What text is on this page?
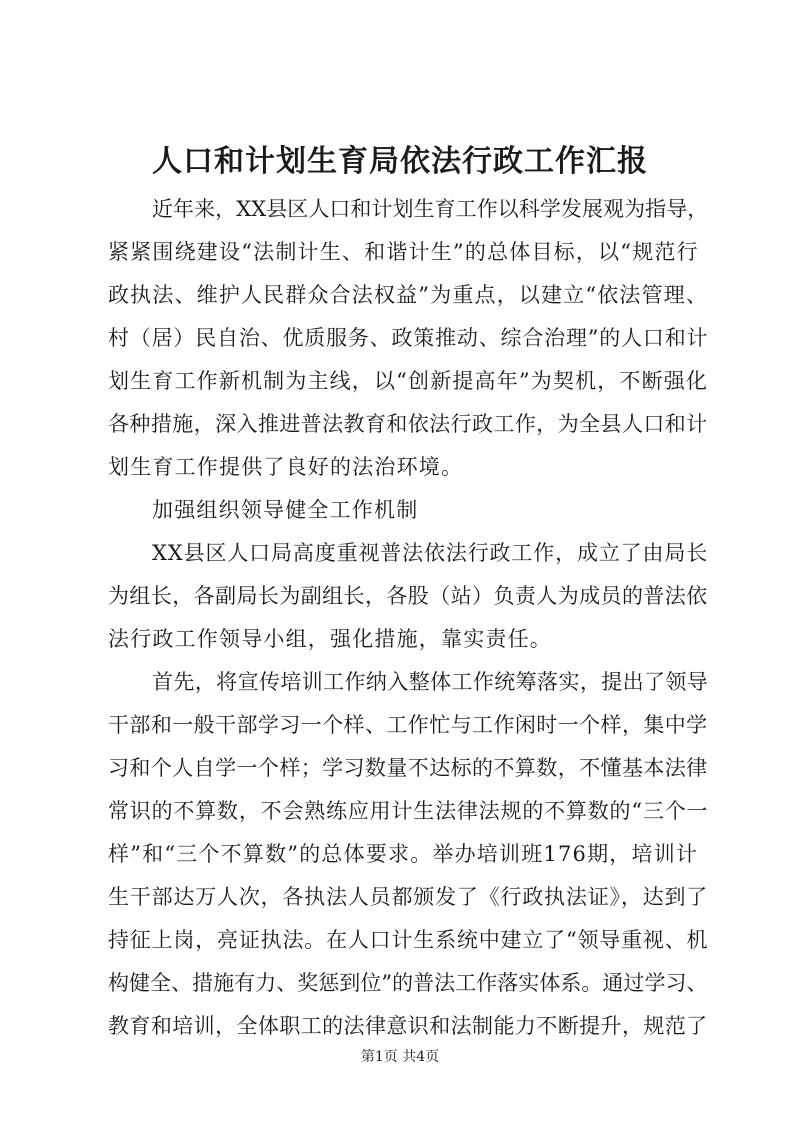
人口和计划生育局依法行政工作汇报
近年来，XX县区人口和计划生育工作以科学发展观为指导，
紧紧围绕建设“法制计生、和谐计生”的总体目标，以“规范行
政执法、维护人民群众合法权益”为重点，以建立“依法管理、
村（居）民自治、优质服务、政策推动、综合治理”的人口和计
划生育工作新机制为主线，以“创新提高年”为契机，不断强化
各种措施，深入推进普法教育和依法行政工作，为全县人口和计
划生育工作提供了良好的法治环境。
加强组织领导健全工作机制
XX县区人口局高度重视普法依法行政工作，成立了由局长
为组长，各副局长为副组长，各股（站）负责人为成员的普法依
法行政工作领导小组，强化措施，靠实责任。
首先，将宣传培训工作纳入整体工作统筹落实，提出了领导
干部和一般干部学习一个样、工作忙与工作闲时一个样，集中学
习和个人自学一个样；学习数量不达标的不算数，不懂基本法律
常识的不算数，不会熟练应用计生法律法规的不算数的“三个一
样”和“三个不算数”的总体要求。举办培训班176期，培训计
生干部达万人次，各执法人员都颁发了《行政执法证》，达到了
持征上岗，亮证执法。在人口计生系统中建立了“领导重视、机
构健全、措施有力、奖惩到位”的普法工作落实体系。通过学习、
教育和培训，全体职工的法律意识和法制能力不断提升，规范了
第1页 共4页
